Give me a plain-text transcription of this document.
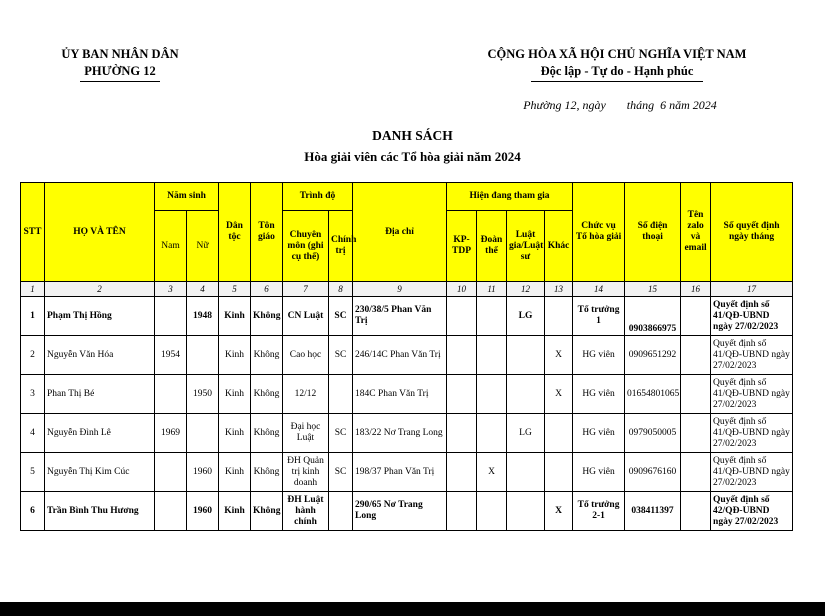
ỦY BAN NHÂN DÂN
PHƯỜNG 12
CỘNG HÒA XÃ HỘI CHỦ NGHĨA VIỆT NAM
Độc lập - Tự do - Hạnh phúc
Phường 12, ngày       tháng  6 năm 2024
DANH SÁCH
Hòa giải viên các Tổ hòa giải năm 2024
STT	HỌ VÀ TÊN	Năm sinh		Dân tộc	Tôn giáo	Trình độ		Địa chỉ	Hiện đang tham gia				Chức vụ Tổ hòa giải	Số điện thoại	Tên zalo và email	Số quyết định ngày tháng
		Nam	Nữ			Chuyên môn (ghi cụ thể)	Chính trị		KP-TDP	Đoàn thể	Luật gia/Luật sư	Khác				
1	2	3	4	5	6	7	8	9	10	11	12	13	14	15	16	17
1	Phạm Thị Hồng		1948	Kinh	Không	CN Luật	SC	230/38/5 Phan Văn Trị			LG		Tổ trưởng 1	0903866975		Quyết định số 41/QĐ-UBND ngày 27/02/2023
2	Nguyễn Văn Hóa	1954		Kinh	Không	Cao học	SC	246/14C Phan Văn Trị				X	HG viên	0909651292		Quyết định số 41/QĐ-UBND ngày 27/02/2023
3	Phan Thị Bé		1950	Kinh	Không	12/12		184C Phan Văn Trị				X	HG viên	01654801065		Quyết định số 41/QĐ-UBND ngày 27/02/2023
4	Nguyễn Đình Lê	1969		Kinh	Không	Đại học Luật	SC	183/22 Nơ Trang Long			LG		HG viên	0979050005		Quyết định số 41/QĐ-UBND ngày 27/02/2023
5	Nguyễn Thị Kim Cúc		1960	Kinh	Không	ĐH Quản trị kinh doanh	SC	198/37 Phan Văn Trị		X			HG viên	0909676160		Quyết định số 41/QĐ-UBND ngày 27/02/2023
6	Trần Bình Thu Hương		1960	Kinh	Không	ĐH Luật hành chính		290/65 Nơ Trang Long				X	Tổ trưởng 2-1	038411397		Quyết định số 42/QĐ-UBND ngày 27/02/2023
